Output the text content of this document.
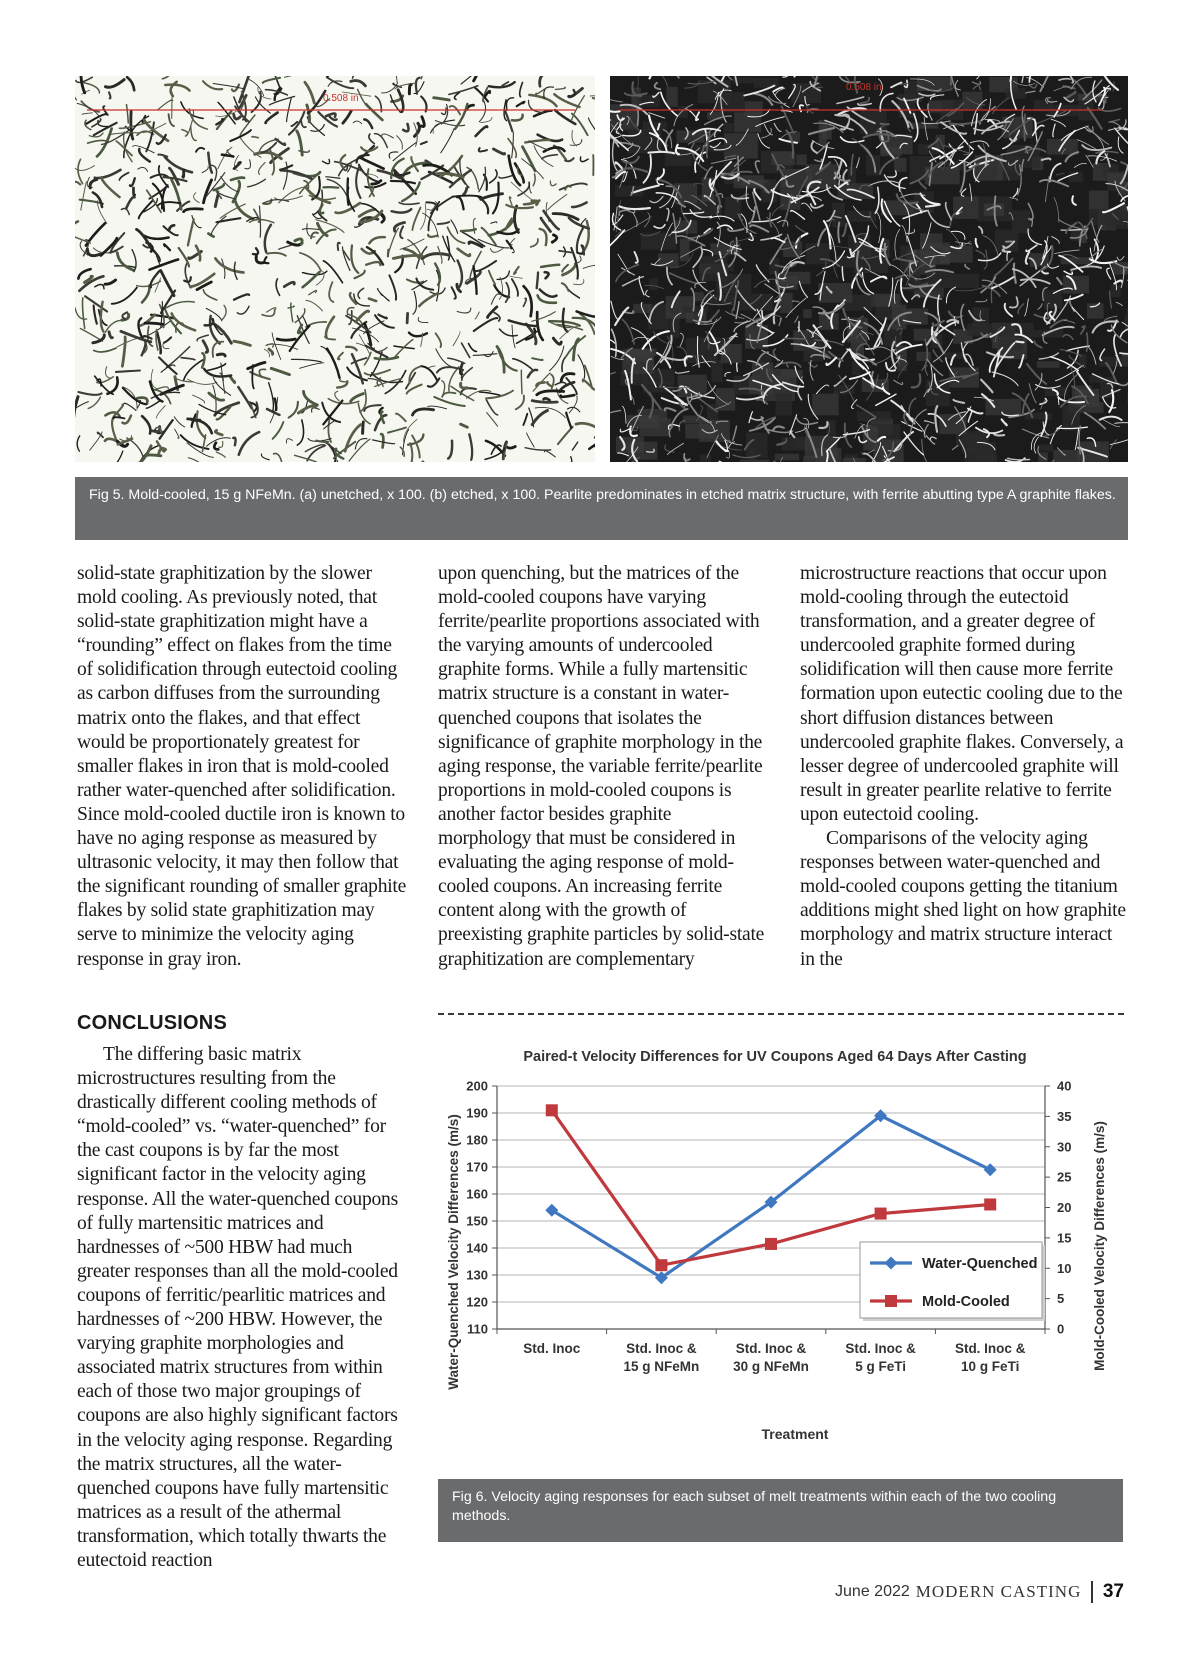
0.508 in
0.508 in
Fig 5. Mold-cooled, 15 g NFeMn. (a) unetched, x 100. (b) etched, x 100. Pearlite predominates in etched matrix structure, with ferrite abutting type A graphite flakes.

solid-state graphitization by the slower mold cooling. As previously noted, that solid-state graphitization might have a “rounding” effect on flakes from the time of solidification through eutectoid cooling as carbon diffuses from the surrounding matrix onto the flakes, and that effect would be proportionately greatest for smaller flakes in iron that is mold-cooled rather water-quenched after solidification. Since mold-cooled ductile iron is known to have no aging response as measured by ultrasonic velocity, it may then follow that the significant rounding of smaller graphite flakes by solid state graphitization may serve to minimize the velocity aging response in gray iron.

CONCLUSIONS

The differing basic matrix microstructures resulting from the drastically different cooling methods of “mold-cooled” vs. “water-quenched” for the cast coupons is by far the most significant factor in the velocity aging response. All the water-quenched coupons of fully martensitic matrices and hardnesses of ~500 HBW had much greater responses than all the mold-cooled coupons of ferritic/pearlitic matrices and hardnesses of ~200 HBW. However, the varying graphite morphologies and associated matrix structures from within each of those two major groupings of coupons are also highly significant factors in the velocity aging response. Regarding the matrix structures, all the water-quenched coupons have fully martensitic matrices as a result of the athermal transformation, which totally thwarts the eutectoid reaction

upon quenching, but the matrices of the mold-cooled coupons have varying ferrite/pearlite proportions associated with the varying amounts of undercooled graphite forms. While a fully martensitic matrix structure is a constant in water-quenched coupons that isolates the significance of graphite morphology in the aging response, the variable ferrite/pearlite proportions in mold-cooled coupons is another factor besides graphite morphology that must be considered in evaluating the aging response of mold-cooled coupons. An increasing ferrite content along with the growth of preexisting graphite particles by solid-state graphitization are complementary

microstructure reactions that occur upon mold-cooling through the eutectoid transformation, and a greater degree of undercooled graphite formed during solidification will then cause more ferrite formation upon eutectic cooling due to the short diffusion distances between undercooled graphite flakes. Conversely, a lesser degree of undercooled graphite will result in greater pearlite relative to ferrite upon eutectoid cooling.

Comparisons of the velocity aging responses between water-quenched and mold-cooled coupons getting the titanium additions might shed light on how graphite morphology and matrix structure interact in the

Paired-t Velocity Differences for UV Coupons Aged 64 Days After Casting
110
120
130
140
150
160
170
180
190
200
0
5
10
15
20
25
30
35
40
Std. Inoc	Std. Inoc & 15 g NFeMn
Std. Inoc & 30 g NFeMn
Std. Inoc & 5 g FeTi
Std. Inoc & 10 g FeTi
Water-Quenched Velocity Differences (m/s)	Mold-Cooled Velocity Differences (m/s)
Treatment
Water-Quenched
Mold-Cooled
Fig 6. Velocity aging responses for each subset of melt treatments within each of the two cooling methods.
June 2022 MODERN CASTING 37
